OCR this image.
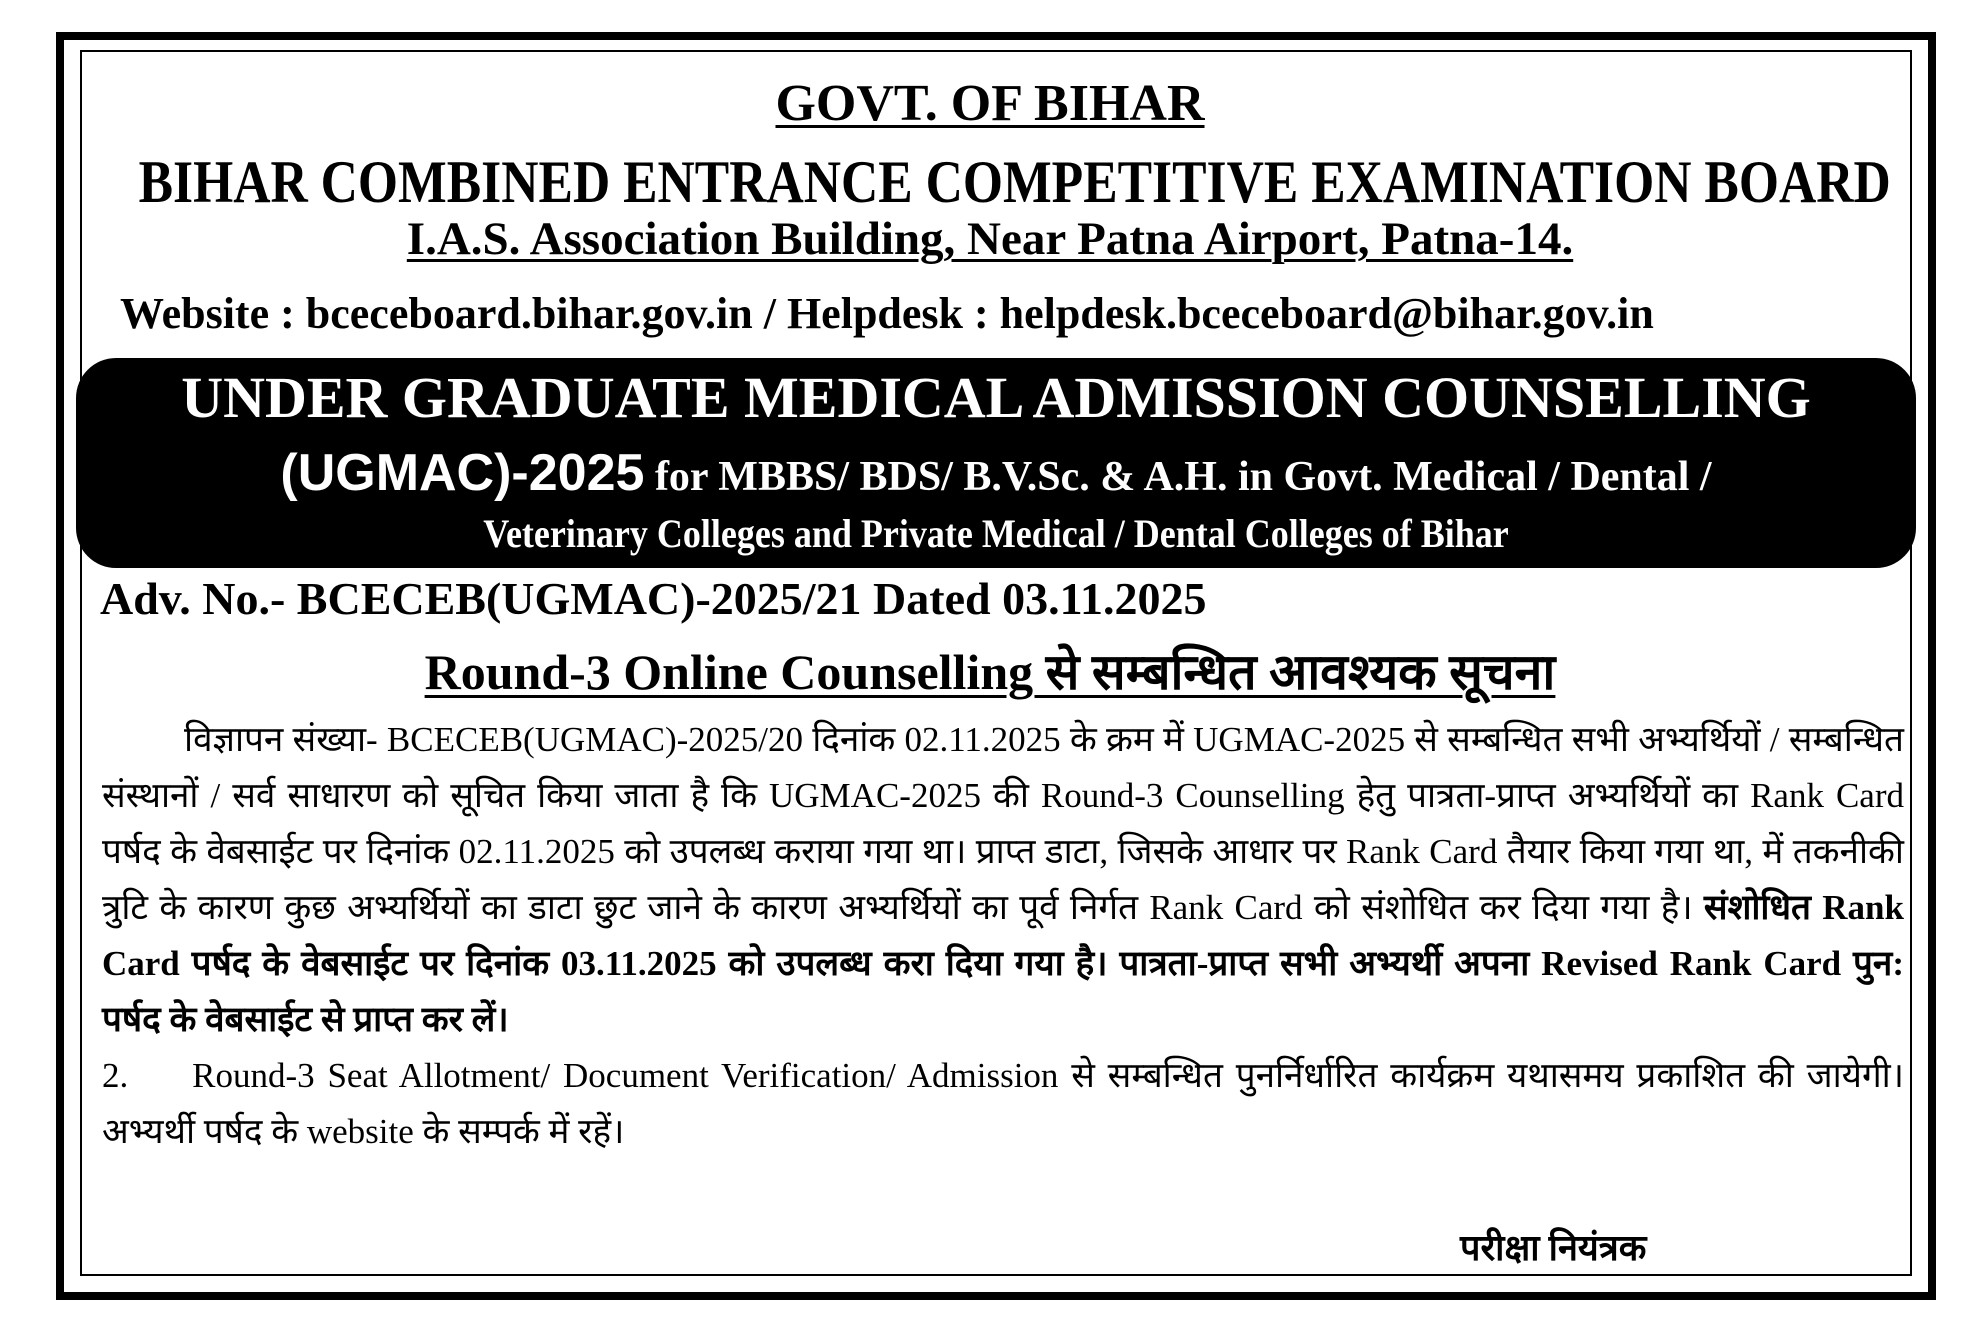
GOVT. OF BIHAR
BIHAR COMBINED ENTRANCE COMPETITIVE EXAMINATION BOARD
I.A.S. Association Building, Near Patna Airport, Patna-14.
Website : bceceboard.bihar.gov.in / Helpdesk : helpdesk.bceceboard@bihar.gov.in
UNDER GRADUATE MEDICAL ADMISSION COUNSELLING
(UGMAC)-2025 for MBBS/ BDS/ B.V.Sc. & A.H. in Govt. Medical / Dental /
Veterinary Colleges and Private Medical / Dental Colleges of Bihar
Adv. No.- BCECEB(UGMAC)-2025/21 Dated 03.11.2025
Round-3 Online Counselling से सम्बन्धित आवश्यक सूचना

विज्ञापन संख्या- BCECEB(UGMAC)-2025/20 दिनांक 02.11.2025 के क्रम में UGMAC-2025 से सम्बन्धित सभी अभ्यर्थियों / सम्बन्धित संस्थानों / सर्व साधारण को सूचित किया जाता है कि UGMAC-2025 की Round-3 Counselling हेतु पात्रता-प्राप्त अभ्यर्थियों का Rank Card पर्षद के वेबसाईट पर दिनांक 02.11.2025 को उपलब्ध कराया गया था। प्राप्त डाटा, जिसके आधार पर Rank Card तैयार किया गया था, में तकनीकी त्रुटि के कारण कुछ अभ्यर्थियों का डाटा छुट जाने के कारण अभ्यर्थियों का पूर्व निर्गत Rank Card को संशोधित कर दिया गया है। संशोधित Rank Card पर्षद के वेबसाईट पर दिनांक 03.11.2025 को उपलब्ध करा दिया गया है। पात्रता-प्राप्त सभी अभ्यर्थी अपना Revised Rank Card पुन: पर्षद के वेबसाईट से प्राप्त कर लें।

2. Round-3 Seat Allotment/ Document Verification/ Admission से सम्बन्धित पुनर्निर्धारित कार्यक्रम यथासमय प्रकाशित की जायेगी। अभ्यर्थी पर्षद के website के सम्पर्क में रहें।

परीक्षा नियंत्रक
